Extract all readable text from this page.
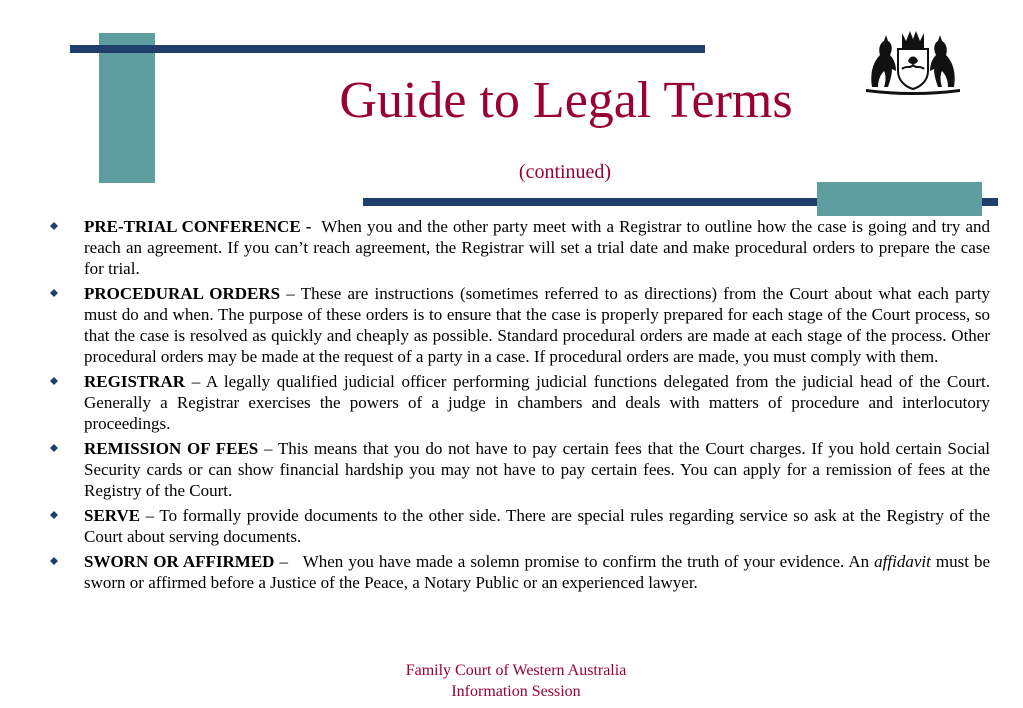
Guide to Legal Terms
(continued)
PRE-TRIAL CONFERENCE - When you and the other party meet with a Registrar to outline how the case is going and try and reach an agreement. If you can’t reach agreement, the Registrar will set a trial date and make procedural orders to prepare the case for trial.
PROCEDURAL ORDERS – These are instructions (sometimes referred to as directions) from the Court about what each party must do and when. The purpose of these orders is to ensure that the case is properly prepared for each stage of the Court process, so that the case is resolved as quickly and cheaply as possible. Standard procedural orders are made at each stage of the process. Other procedural orders may be made at the request of a party in a case. If procedural orders are made, you must comply with them.
REGISTRAR – A legally qualified judicial officer performing judicial functions delegated from the judicial head of the Court. Generally a Registrar exercises the powers of a judge in chambers and deals with matters of procedure and interlocutory proceedings.
REMISSION OF FEES – This means that you do not have to pay certain fees that the Court charges. If you hold certain Social Security cards or can show financial hardship you may not have to pay certain fees. You can apply for a remission of fees at the Registry of the Court.
SERVE – To formally provide documents to the other side. There are special rules regarding service so ask at the Registry of the Court about serving documents.
SWORN OR AFFIRMED –   When you have made a solemn promise to confirm the truth of your evidence. An affidavit must be sworn or affirmed before a Justice of the Peace, a Notary Public or an experienced lawyer.
Family Court of Western Australia
Information Session
